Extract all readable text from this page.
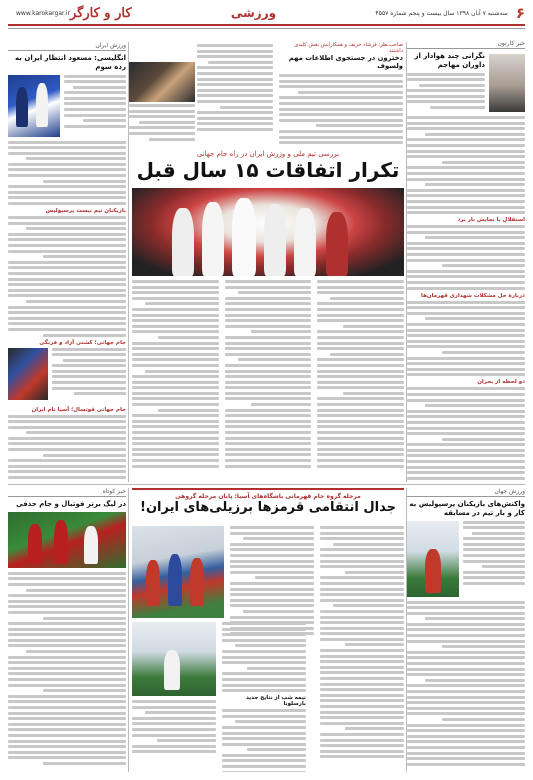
۶
سه‌شنبه ۷ آبان ۱۳۹۸ سال بیست و پنجم شماره ۴۵۵۷
ورزشی
کار و کارگر
www.karokargar.ir
خبر کارتون
نگرانی چند هوادار از داوران مهاجم
استقلال با نمایش بار برد
دربارهٔ حل مشکلات شهداری قهرمان‌ها
دو لحظه از بحران
صاحب‌نظر: فرشاد حریف و همکارانش نقش کلیدی داشتند
دخترون در جستجوی اطلاعات مهم ولسوف
ورزش ایران
انگلیسی: مسعود انتظار ایران به رده سوم
بازیکنان تیم نیست پرسپولیس
جام جهانی؛ کشتی آزاد و فرنگی
جام جهانی فوتسال؛ آسیا نام ایران
بررسی تیم ملی و وزرش ایران در راه جام جهانی
تکرار اتفاقات ۱۵ سال قبل
مرحله گروه جام قهرمانی باشگاه‌های آسیا: پایان مرحله گروهی
جدال انتقامی قرمزها برزیلی‌های ایران!
نیمه شب از نتایج جدید بارسلونا
خبر کوتاه
در لیگ برتر فوتبال و جام حذفی
ورزش جهان
واکنش‌های بازیکنان پرسپولیس به کار و بار تیم در مسابقه
